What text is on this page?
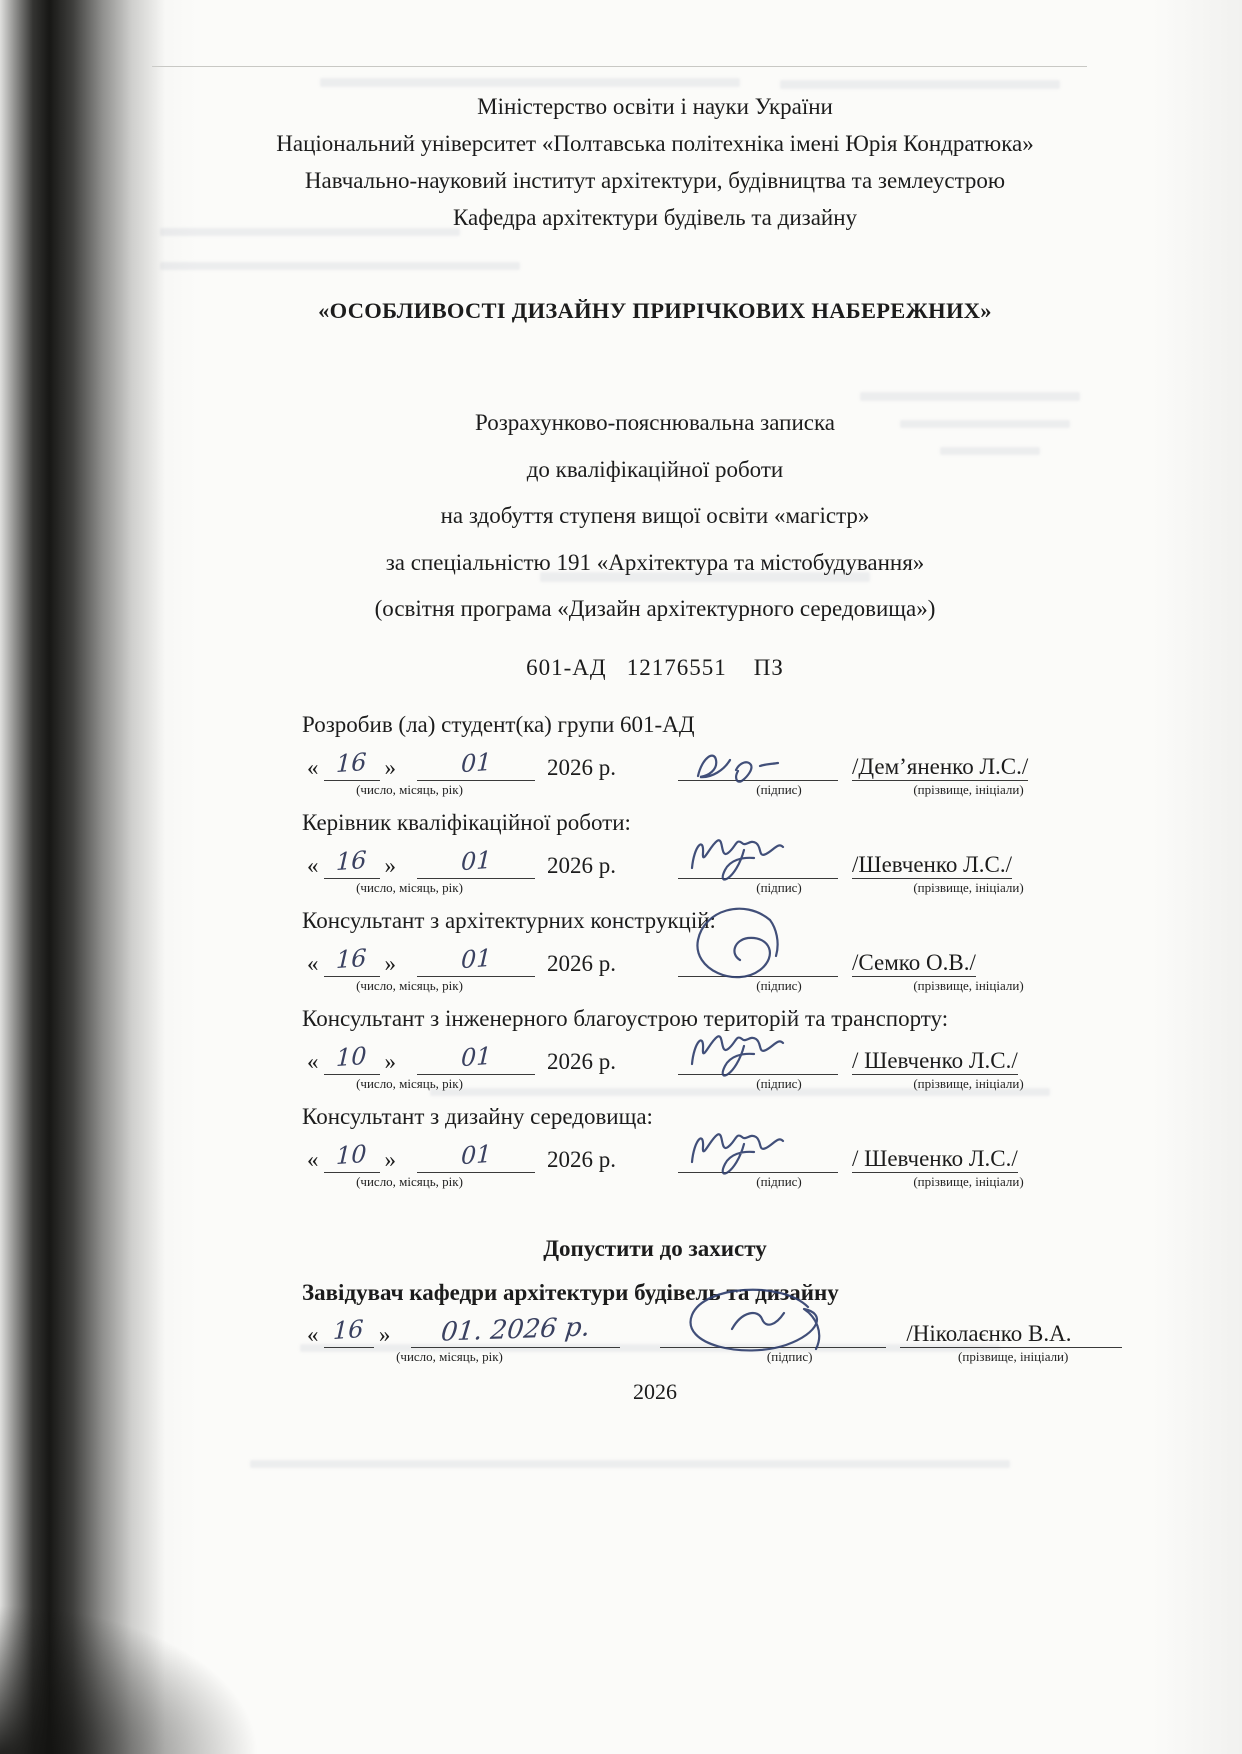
Міністерство освіти і науки України
Національний університет «Полтавська політехніка імені Юрія Кондратюка»
Навчально-науковий інститут архітектури, будівництва та землеустрою
Кафедра архітектури будівель та дизайну
«ОСОБЛИВОСТІ ДИЗАЙНУ ПРИРІЧКОВИХ НАБЕРЕЖНИХ»
Розрахунково-пояснювальна записка
до кваліфікаційної роботи
на здобуття ступеня вищої освіти «магістр»
за спеціальністю 191 «Архітектура та містобудування»
(освітня програма «Дизайн архітектурного середовища»)
601-АД   12176551    ПЗ
Розробив (ла) студент(ка) групи 601-АД
« 16 »	01	2026 р.	/Дем’яненко Л.С./
(число, місяць, рік)	(підпис)	(прізвище, ініціали)
Керівник кваліфікаційної роботи:
« 16 »	01	2026 р.	/Шевченко Л.С./
(число, місяць, рік)	(підпис)	(прізвище, ініціали)
Консультант з архітектурних конструкцій:
« 16 »	01	2026 р.	/Семко О.В./
(число, місяць, рік)	(підпис)	(прізвище, ініціали)
Консультант з інженерного благоустрою територій та транспорту:
« 10 »	01	2026 р.	/ Шевченко Л.С./
(число, місяць, рік)	(підпис)	(прізвище, ініціали)
Консультант з дизайну середовища:
« 10 »	01	2026 р.	/ Шевченко Л.С./
(число, місяць, рік)	(підпис)	(прізвище, ініціали)
Допустити до захисту
Завідувач кафедри архітектури будівель та дизайну
« 16 »	01. 2026 р.	/Ніколаєнко В.А.
(число, місяць, рік)	(підпис)	(прізвище, ініціали)
2026
